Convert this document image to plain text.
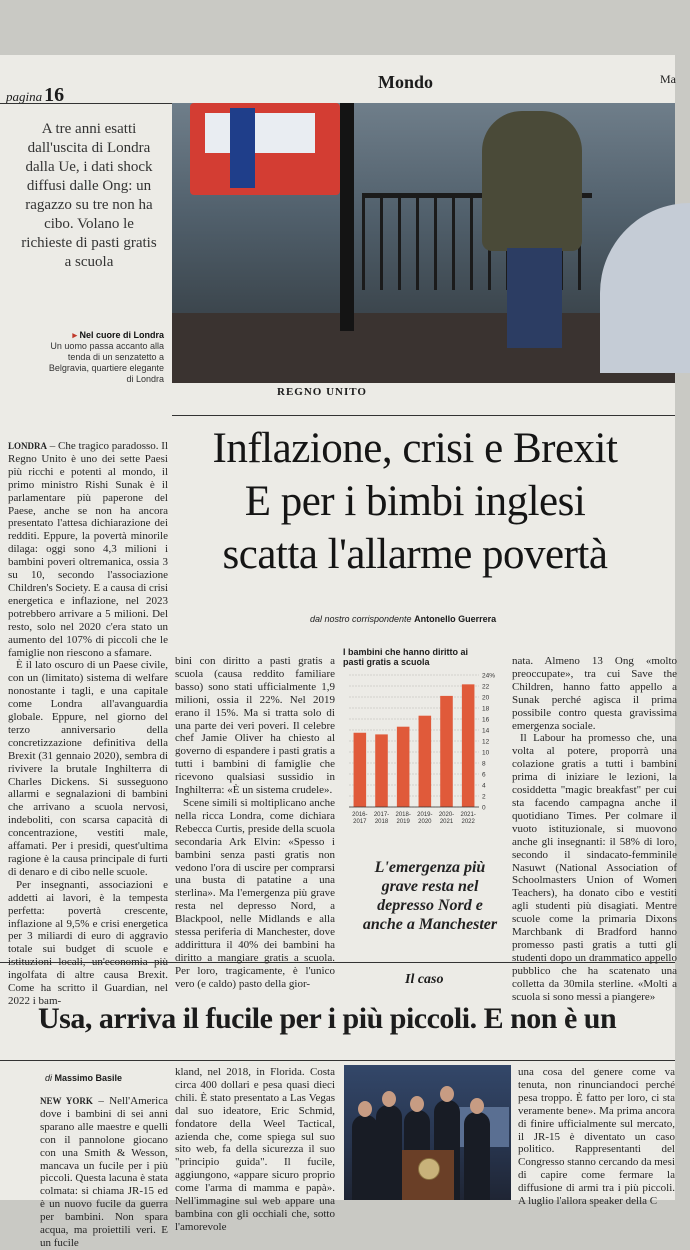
pagina 16
Mondo	Ma
A tre anni esatti dall'uscita di Londra dalla Ue, i dati shock diffusi dalle Ong: un ragazzo su tre non ha cibo. Volano le richieste di pasti gratis a scuola
▸ Nel cuore di Londra
Un uomo passa accanto alla tenda di un senzatetto a Belgravia, quartiere elegante di Londra
REGNO UNITO
Inflazione, crisi e Brexit
E per i bimbi inglesi
scatta l'allarme povertà
dal nostro corrispondente Antonello Guerrera

LONDRA – Che tragico paradosso. Il Regno Unito è uno dei sette Paesi più ricchi e potenti al mondo, il primo ministro Rishi Sunak è il parlamentare più paperone del Paese, anche se non ha ancora presentato l'attesa dichiarazione dei redditi. Eppure, la povertà minorile dilaga: oggi sono 4,3 milioni i bambini poveri oltremanica, ossia 3 su 10, secondo l'associazione Children's Society. E a causa di crisi energetica e inflazione, nel 2023 potrebbero arrivare a 5 milioni. Del resto, solo nel 2020 c'era stato un aumento del 107% di piccoli che le famiglie non riescono a sfamare.

È il lato oscuro di un Paese civile, con un (limitato) sistema di welfare nonostante i tagli, e una capitale come Londra all'avanguardia globale. Eppure, nel giorno del terzo anniversario della concretizzazione definitiva della Brexit (31 gennaio 2020), sembra di rivivere la brutale Inghilterra di Charles Dickens. Si susseguono allarmi e segnalazioni di bambini che arrivano a scuola nervosi, indeboliti, con scarsa capacità di concentrazione, vestiti male, affamati. Per i presidi, quest'ultima ragione è la causa principale di furti di denaro e di cibo nelle scuole.

Per insegnanti, associazioni e addetti ai lavori, è la tempesta perfetta: povertà crescente, inflazione al 9,5% e crisi energetica per 3 miliardi di euro di aggravio totale sui budget di scuole e istituzioni locali, un'economia più ingolfata di altre causa Brexit. Come ha scritto il Guardian, nel 2022 i bam-

bini con diritto a pasti gratis a scuola (causa reddito familiare basso) sono stati ufficialmente 1,9 milioni, ossia il 22%. Nel 2019 erano il 15%. Ma si tratta solo di una parte dei veri poveri. Il celebre chef Jamie Oliver ha chiesto al governo di espandere i pasti gratis a tutti i bambini di famiglie che ricevono qualsiasi sussidio in Inghilterra: «È un sistema crudele».

Scene simili si moltiplicano anche nella ricca Londra, come dichiara Rebecca Curtis, preside della scuola secondaria Ark Elvin: «Spesso i bambini senza pasti gratis non vedono l'ora di uscire per comprarsi una busta di patatine a una sterlina». Ma l'emergenza più grave resta nel depresso Nord, a Blackpool, nelle Midlands e alla stessa periferia di Manchester, dove addirittura il 40% dei bambini ha diritto a mangiare gratis a scuola. Per loro, tragicamente, è l'unico vero (e caldo) pasto della gior-

I bambini che hanno diritto ai pasti gratis a scuola
0
2
4
6
8
10
12
14
16
18
20
22
24%
2016-
2017
2017-
2018
2018-
2019
2019-
2020
2020-
2021
2021-
2022
L'emergenza più grave resta nel depresso Nord e anche a Manchester

nata. Almeno 13 Ong «molto preoccupate», tra cui Save the Children, hanno fatto appello a Sunak perché agisca il prima possibile contro questa gravissima emergenza sociale.

Il Labour ha promesso che, una volta al potere, proporrà una colazione gratis a tutti i bambini prima di iniziare le lezioni, la cosiddetta "magic breakfast" per cui sta facendo campagna anche il quotidiano Times. Per colmare il vuoto istituzionale, si muovono anche gli insegnanti: il 58% di loro, secondo il sindacato-femminile Nasuwt (National Association of Schoolmasters Union of Women Teachers), ha donato cibo e vestiti agli studenti più disagiati. Mentre scuole come la primaria Dixons Marchbank di Bradford hanno promesso pasti gratis a tutti gli studenti dopo un drammatico appello pubblico che ha scatenato una colletta da 30mila sterline. «Molti a scuola si sono messi a piangere»

Il caso
Usa, arriva il fucile per i più piccoli. E non è un
di Massimo Basile

NEW YORK – Nell'America dove i bambini di sei anni sparano alle maestre e quelli con il pannolone giocano con una Smith & Wesson, mancava un fucile per i più piccoli. Questa lacuna è stata colmata: si chiama JR-15 ed è un nuovo fucile da guerra per bambini. Non spara acqua, ma proiettili veri. E un fucile

kland, nel 2018, in Florida. Costa circa 400 dollari e pesa quasi dieci chili. È stato presentato a Las Vegas dal suo ideatore, Eric Schmid, fondatore della Weel Tactical, azienda che, come spiega sul suo sito web, fa della sicurezza il suo "principio guida". Il fucile, aggiungono, «appare sicuro proprio come l'arma di mamma e papà». Nell'immagine sul web appare una bambina con gli occhiali che, sotto l'amorevole

una cosa del genere come va tenuta, non rinunciandoci perché pesa troppo. È fatto per loro, ci sta veramente bene». Ma prima ancora di finire ufficialmente sul mercato, il JR-15 è diventato un caso politico. Rappresentanti del Congresso stanno cercando da mesi di capire come fermare la diffusione di armi tra i più piccoli. A luglio l'allora speaker della C
